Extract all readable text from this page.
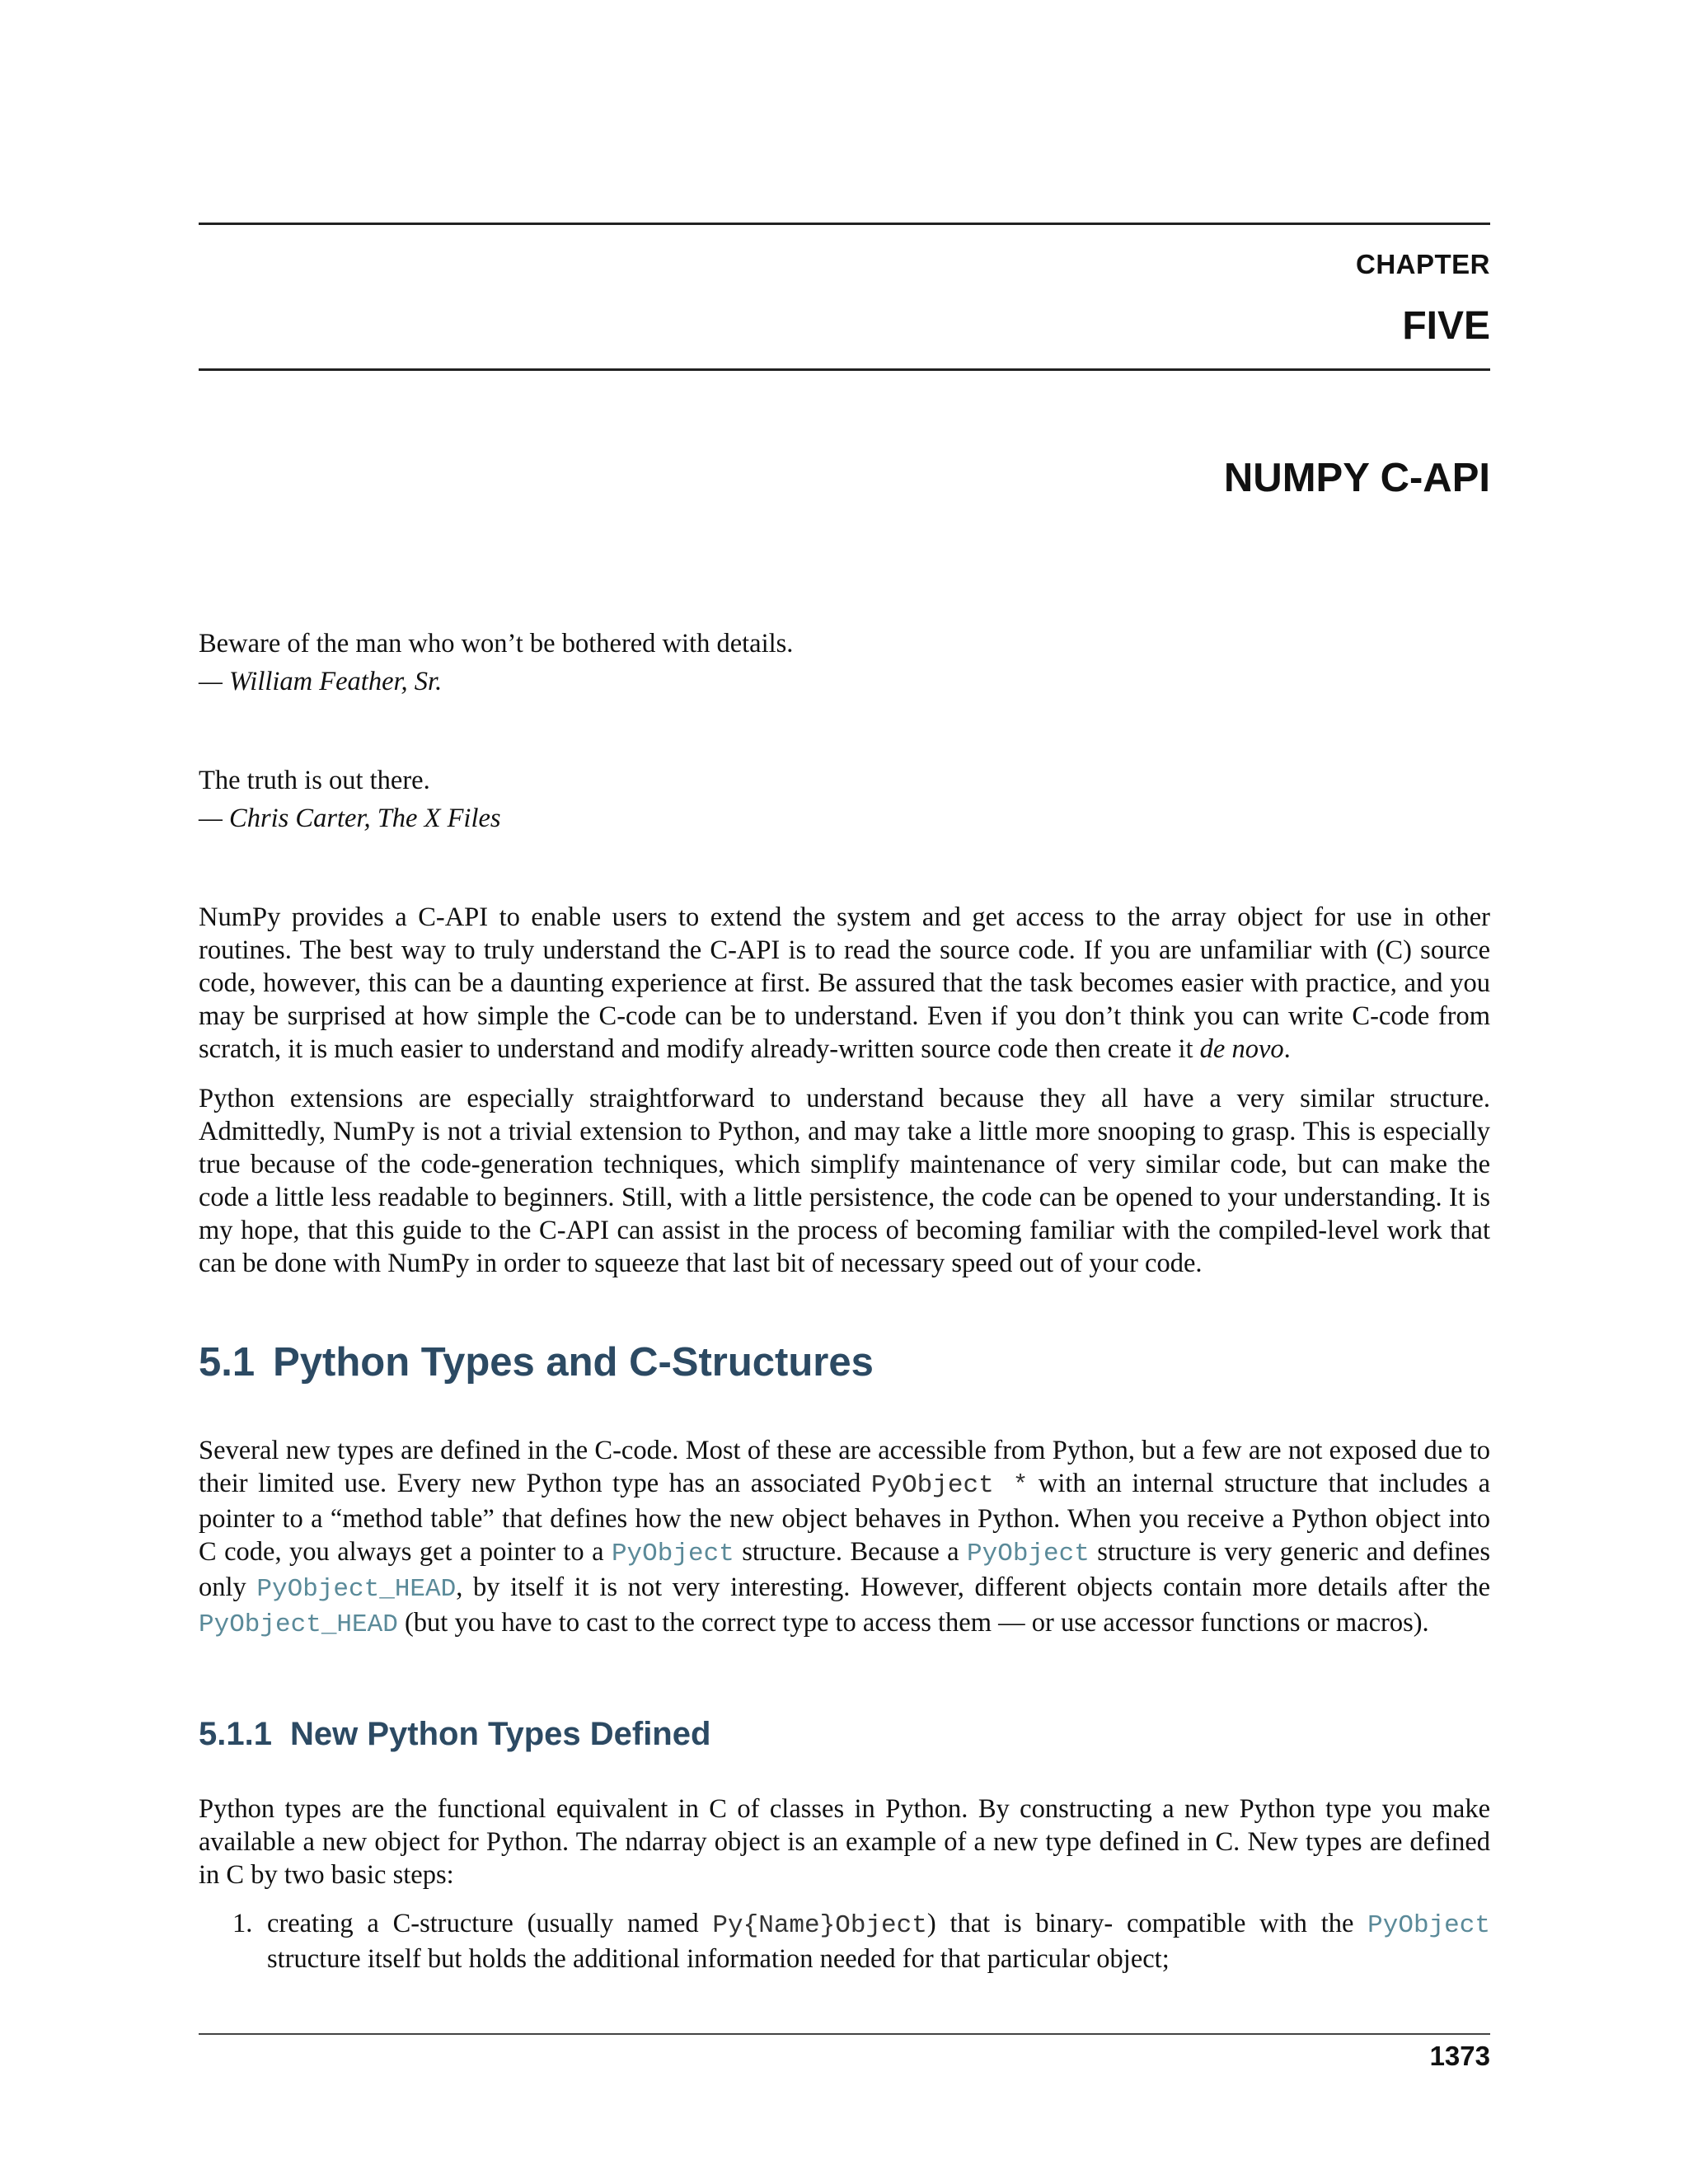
CHAPTER
FIVE
NUMPY C-API
Beware of the man who won’t be bothered with details.
— William Feather, Sr.
The truth is out there.
— Chris Carter, The X Files

NumPy provides a C-API to enable users to extend the system and get access to the array object for use in other routines. The best way to truly understand the C-API is to read the source code. If you are unfamiliar with (C) source code, however, this can be a daunting experience at first. Be assured that the task becomes easier with practice, and you may be surprised at how simple the C-code can be to understand. Even if you don’t think you can write C-code from scratch, it is much easier to understand and modify already-written source code then create it de novo.

Python extensions are especially straightforward to understand because they all have a very similar structure. Admittedly, NumPy is not a trivial extension to Python, and may take a little more snooping to grasp. This is especially true because of the code-generation techniques, which simplify maintenance of very similar code, but can make the code a little less readable to beginners. Still, with a little persistence, the code can be opened to your understanding. It is my hope, that this guide to the C-API can assist in the process of becoming familiar with the compiled-level work that can be done with NumPy in order to squeeze that last bit of necessary speed out of your code.

5.1 Python Types and C-Structures

Several new types are defined in the C-code. Most of these are accessible from Python, but a few are not exposed due to their limited use. Every new Python type has an associated PyObject * with an internal structure that includes a pointer to a “method table” that defines how the new object behaves in Python. When you receive a Python object into C code, you always get a pointer to a PyObject structure. Because a PyObject structure is very generic and defines only PyObject_HEAD, by itself it is not very interesting. However, different objects contain more details after the PyObject_HEAD (but you have to cast to the correct type to access them — or use accessor functions or macros).

5.1.1 New Python Types Defined

Python types are the functional equivalent in C of classes in Python. By constructing a new Python type you make available a new object for Python. The ndarray object is an example of a new type defined in C. New types are defined in C by two basic steps:

1. creating a C-structure (usually named Py{Name}Object) that is binary- compatible with the PyObject structure itself but holds the additional information needed for that particular object;
1373
